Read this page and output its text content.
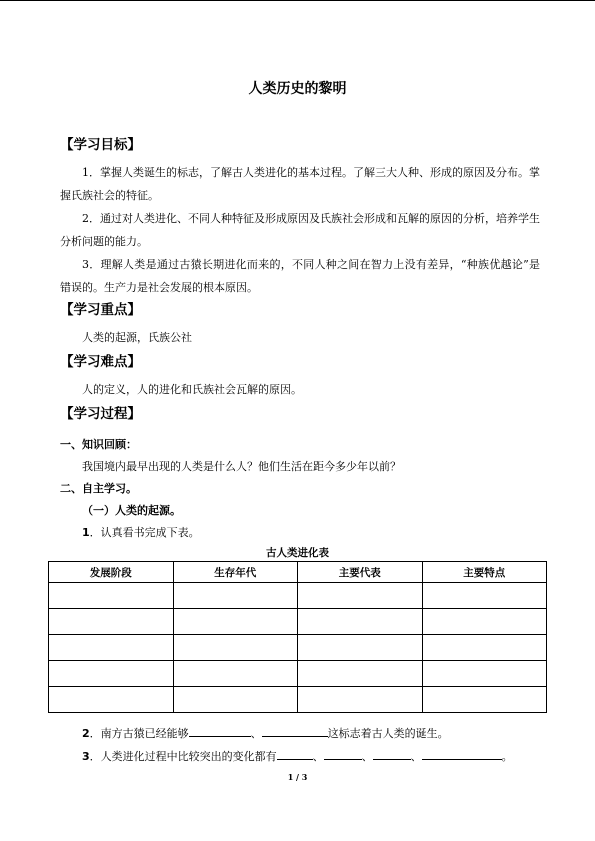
人类历史的黎明
【学习目标】
1．掌握人类诞生的标志，了解古人类进化的基本过程。了解三大人种、形成的原因及分布。掌握氏族社会的特征。
2．通过对人类进化、不同人种特征及形成原因及氏族社会形成和瓦解的原因的分析，培养学生分析问题的能力。
3．理解人类是通过古猿长期进化而来的，不同人种之间在智力上没有差异，“种族优越论”是错误的。生产力是社会发展的根本原因。
【学习重点】
人类的起源，氏族公社
【学习难点】
人的定义，人的进化和氏族社会瓦解的原因。
【学习过程】
一、知识回顾：
我国境内最早出现的人类是什么人？他们生活在距今多少年以前？
二、自主学习。
（一）人类的起源。
1．认真看书完成下表。
古人类进化表
发展阶段	生存年代	主要代表	主要特点

2．南方古猿已经能够	、	这标志着古人类的诞生。
3．人类进化过程中比较突出的变化都有	、	、	、	。
1 / 3
